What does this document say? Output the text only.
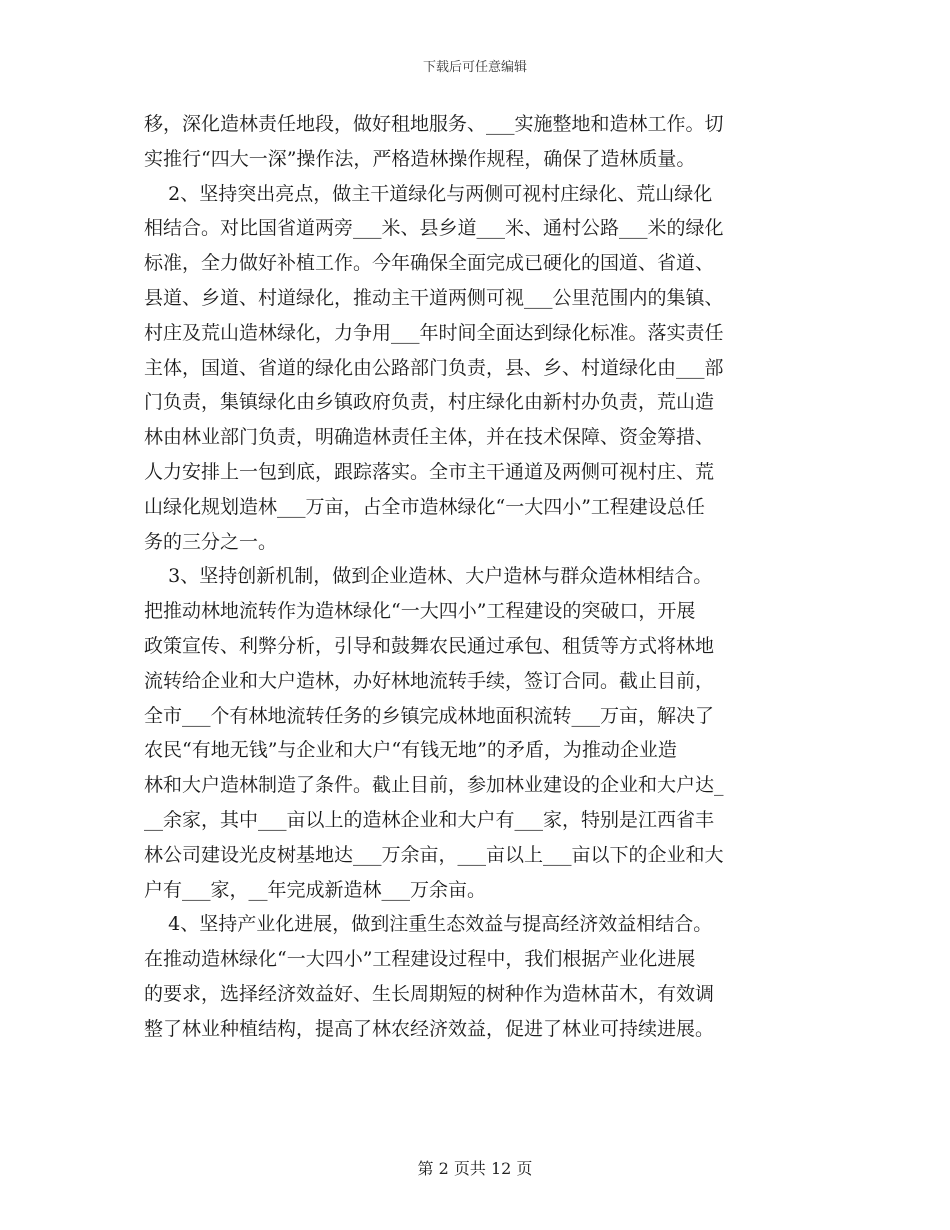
下载后可任意编辑
移，深化造林责任地段，做好租地服务、___实施整地和造林工作。切
实推行“四大一深”操作法，严格造林操作规程，确保了造林质量。
2、坚持突出亮点，做主干道绿化与两侧可视村庄绿化、荒山绿化
相结合。对比国省道两旁___米、县乡道___米、通村公路___米的绿化
标准，全力做好补植工作。今年确保全面完成已硬化的国道、省道、
县道、乡道、村道绿化，推动主干道两侧可视___公里范围内的集镇、
村庄及荒山造林绿化，力争用___年时间全面达到绿化标准。落实责任
主体，国道、省道的绿化由公路部门负责，县、乡、村道绿化由___部
门负责，集镇绿化由乡镇政府负责，村庄绿化由新村办负责，荒山造
林由林业部门负责，明确造林责任主体，并在技术保障、资金筹措、
人力安排上一包到底，跟踪落实。全市主干通道及两侧可视村庄、荒
山绿化规划造林___万亩，占全市造林绿化“一大四小”工程建设总任
务的三分之一。
3、坚持创新机制，做到企业造林、大户造林与群众造林相结合。
把推动林地流转作为造林绿化“一大四小”工程建设的突破口，开展
政策宣传、利弊分析，引导和鼓舞农民通过承包、租赁等方式将林地
流转给企业和大户造林，办好林地流转手续，签订合同。截止目前，
全市___个有林地流转任务的乡镇完成林地面积流转___万亩，解决了
农民“有地无钱”与企业和大户“有钱无地”的矛盾，为推动企业造
林和大户造林制造了条件。截止目前，参加林业建设的企业和大户达_
__余家，其中___亩以上的造林企业和大户有___家，特别是江西省丰
林公司建设光皮树基地达___万余亩，___亩以上___亩以下的企业和大
户有___家，__年完成新造林___万余亩。
4、坚持产业化进展，做到注重生态效益与提高经济效益相结合。
在推动造林绿化“一大四小”工程建设过程中，我们根据产业化进展
的要求，选择经济效益好、生长周期短的树种作为造林苗木，有效调
整了林业种植结构，提高了林农经济效益，促进了林业可持续进展。
第 2 页共 12 页
